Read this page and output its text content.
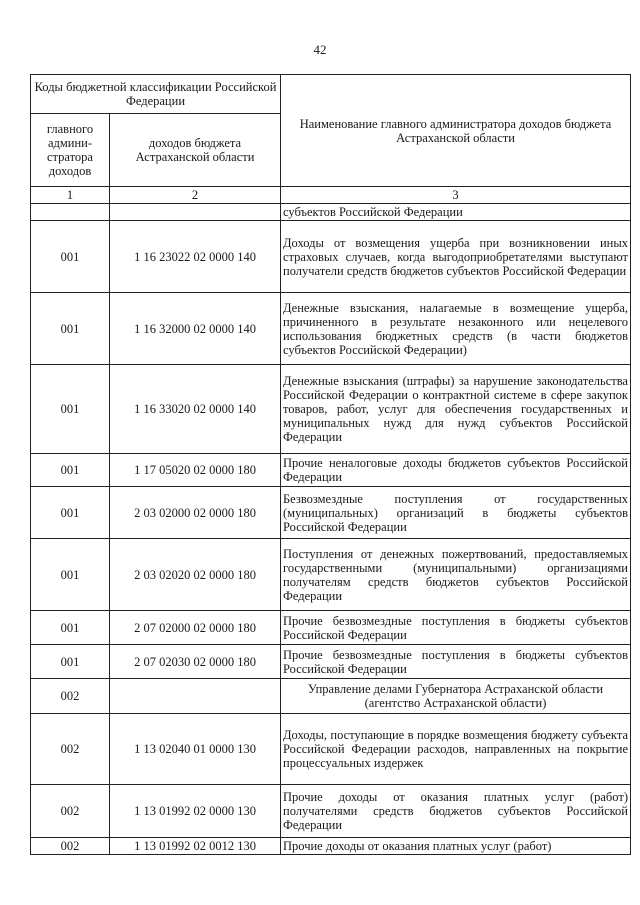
42
Коды бюджетной классификации Российской Федерации		Наименование главного администратора доходов бюджета Астраханской области
главного админи-стратора доходов	доходов бюджета Астраханской области	
1	2	3
		субъектов Российской Федерации
001	1 16 23022 02 0000 140	Доходы от возмещения ущерба при возникновении иных страховых случаев, когда выгодоприобретателями выступают получатели средств бюджетов субъектов Российской Федерации
001	1 16 32000 02 0000 140	Денежные взыскания, налагаемые в возмещение ущерба, причиненного в результате незаконного или нецелевого использования бюджетных средств (в части бюджетов субъектов Российской Федерации)
001	1 16 33020 02 0000 140	Денежные взыскания (штрафы) за нарушение законодательства Российской Федерации о контрактной системе в сфере закупок товаров, работ, услуг для обеспечения государственных и муниципальных нужд для нужд субъектов Российской Федерации
001	1 17 05020 02 0000 180	Прочие неналоговые доходы бюджетов субъектов Российской Федерации
001	2 03 02000 02 0000 180	Безвозмездные поступления от государственных (муниципальных) организаций в бюджеты субъектов Российской Федерации
001	2 03 02020 02 0000 180	Поступления от денежных пожертвований, предоставляемых государственными (муниципальными) организациями получателям средств бюджетов субъектов Российской Федерации
001	2 07 02000 02 0000 180	Прочие безвозмездные поступления в бюджеты субъектов Российской Федерации
001	2 07 02030 02 0000 180	Прочие безвозмездные поступления в бюджеты субъектов Российской Федерации
002		Управление делами Губернатора Астраханской области (агентство Астраханской области)
002	1 13 02040 01 0000 130	Доходы, поступающие в порядке возмещения бюджету субъекта Российской Федерации расходов, направленных на покрытие процессуальных издержек
002	1 13 01992 02 0000 130	Прочие доходы от оказания платных услуг (работ) получателями средств бюджетов субъектов Российской Федерации
002	1 13 01992 02 0012 130	Прочие доходы от оказания платных услуг (работ)
